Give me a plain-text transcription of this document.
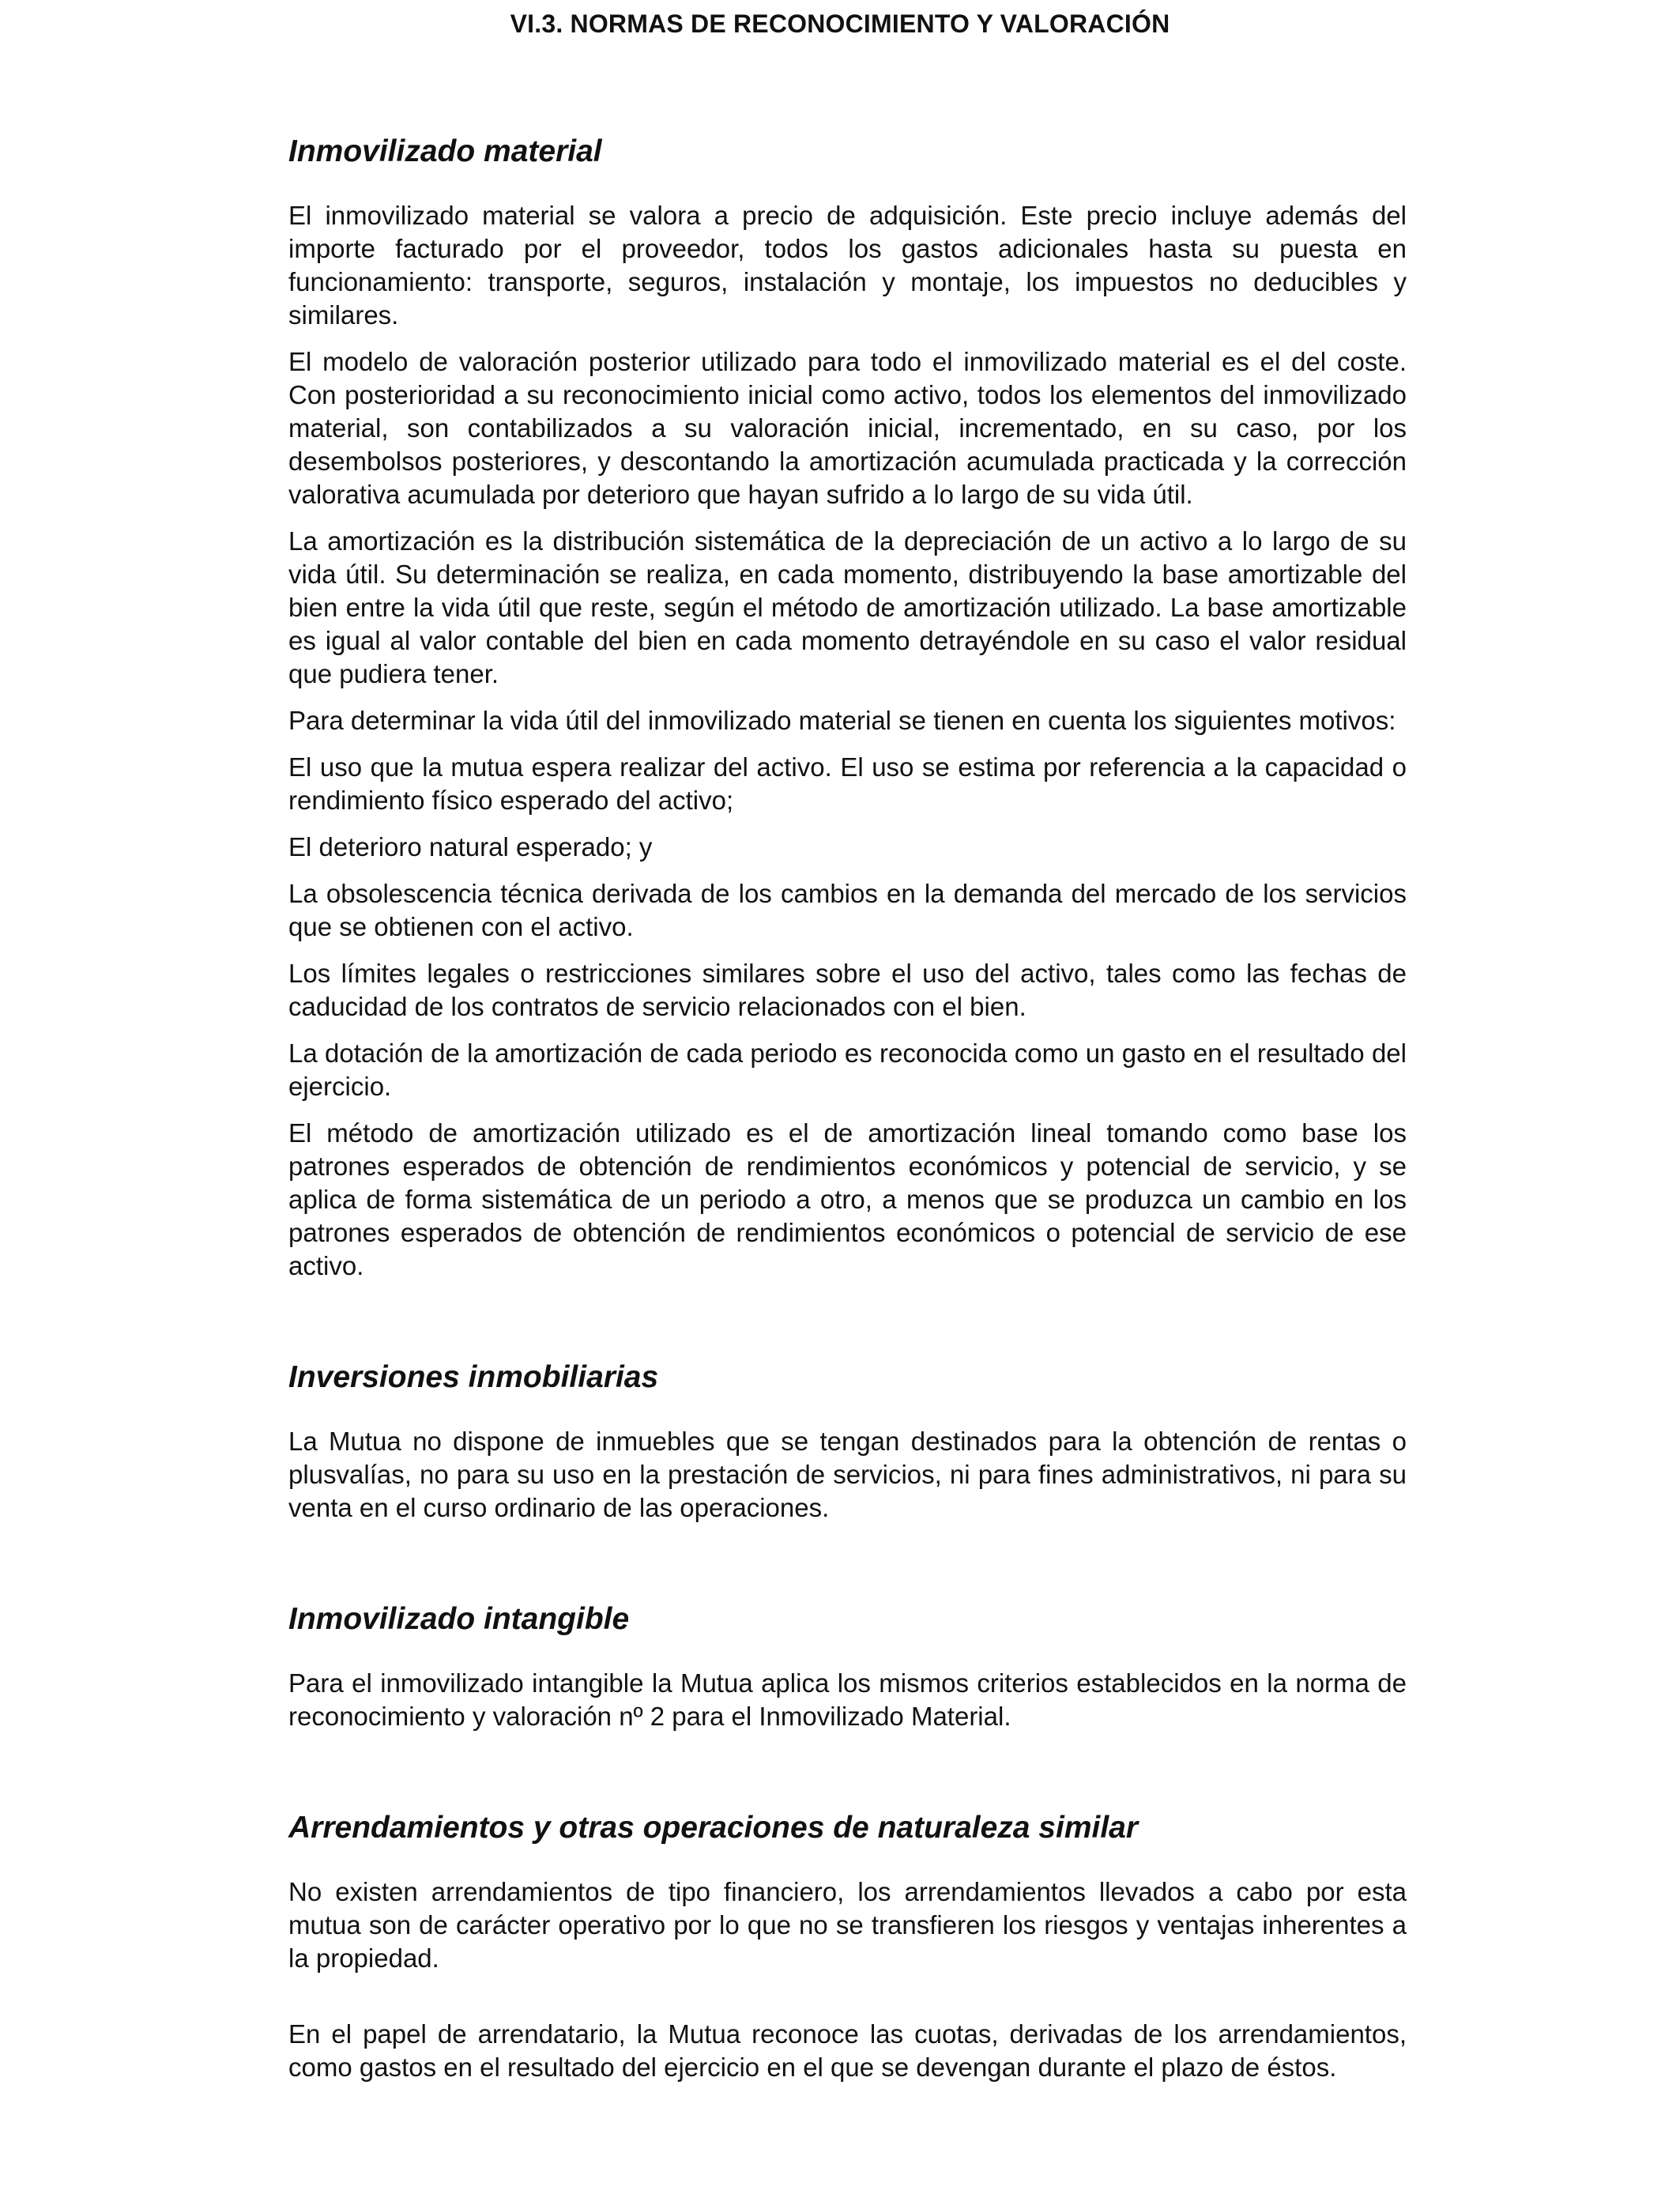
VI.3. NORMAS DE RECONOCIMIENTO Y VALORACIÓN
Inmovilizado material

El inmovilizado material se valora a precio de adquisición. Este precio incluye además del importe facturado por el proveedor, todos los gastos adicionales hasta su puesta en funcionamiento: transporte, seguros, instalación y montaje, los impuestos no deducibles y similares.

El modelo de valoración posterior utilizado para todo el inmovilizado material es el del coste. Con posterioridad a su reconocimiento inicial como activo, todos los elementos del inmovilizado material, son contabilizados a su valoración inicial, incrementado, en su caso, por los desembolsos posteriores, y descontando la amortización acumulada practicada y la corrección valorativa acumulada por deterioro que hayan sufrido a lo largo de su vida útil.

La amortización es la distribución sistemática de la depreciación de un activo a lo largo de su vida útil. Su determinación se realiza, en cada momento, distribuyendo la base amortizable del bien entre la vida útil que reste, según el método de amortización utilizado. La base amortizable es igual al valor contable del bien en cada momento detrayéndole en su caso el valor residual que pudiera tener.

Para determinar la vida útil del inmovilizado material se tienen en cuenta los siguientes motivos:

El uso que la mutua espera realizar del activo. El uso se estima por referencia a la capacidad o rendimiento físico esperado del activo;

El deterioro natural esperado; y

La obsolescencia técnica derivada de los cambios en la demanda del mercado de los servicios que se obtienen con el activo.

Los límites legales o restricciones similares sobre el uso del activo, tales como las fechas de caducidad de los contratos de servicio relacionados con el bien.

La dotación de la amortización de cada periodo es reconocida como un gasto en el resultado del ejercicio.

El método de amortización utilizado es el de amortización lineal tomando como base los patrones esperados de obtención de rendimientos económicos y potencial de servicio, y se aplica de forma sistemática de un periodo a otro, a menos que se produzca un cambio en los patrones esperados de obtención de rendimientos económicos o potencial de servicio de ese activo.

Inversiones inmobiliarias

La Mutua no dispone de inmuebles que se tengan destinados para la obtención de rentas o plusvalías, no para su uso en la prestación de servicios, ni para fines administrativos, ni para su venta en el curso ordinario de las operaciones.

Inmovilizado intangible

Para el inmovilizado intangible la Mutua aplica los mismos criterios establecidos en la norma de reconocimiento y valoración nº 2 para el Inmovilizado Material.

Arrendamientos y otras operaciones de naturaleza similar

No existen arrendamientos de tipo financiero, los arrendamientos llevados a cabo por esta mutua son de carácter operativo por lo que no se transfieren los riesgos y ventajas inherentes a la propiedad.

En el papel de arrendatario, la Mutua reconoce las cuotas, derivadas de los arrendamientos, como gastos en el resultado del ejercicio en el que se devengan durante el plazo de éstos.
